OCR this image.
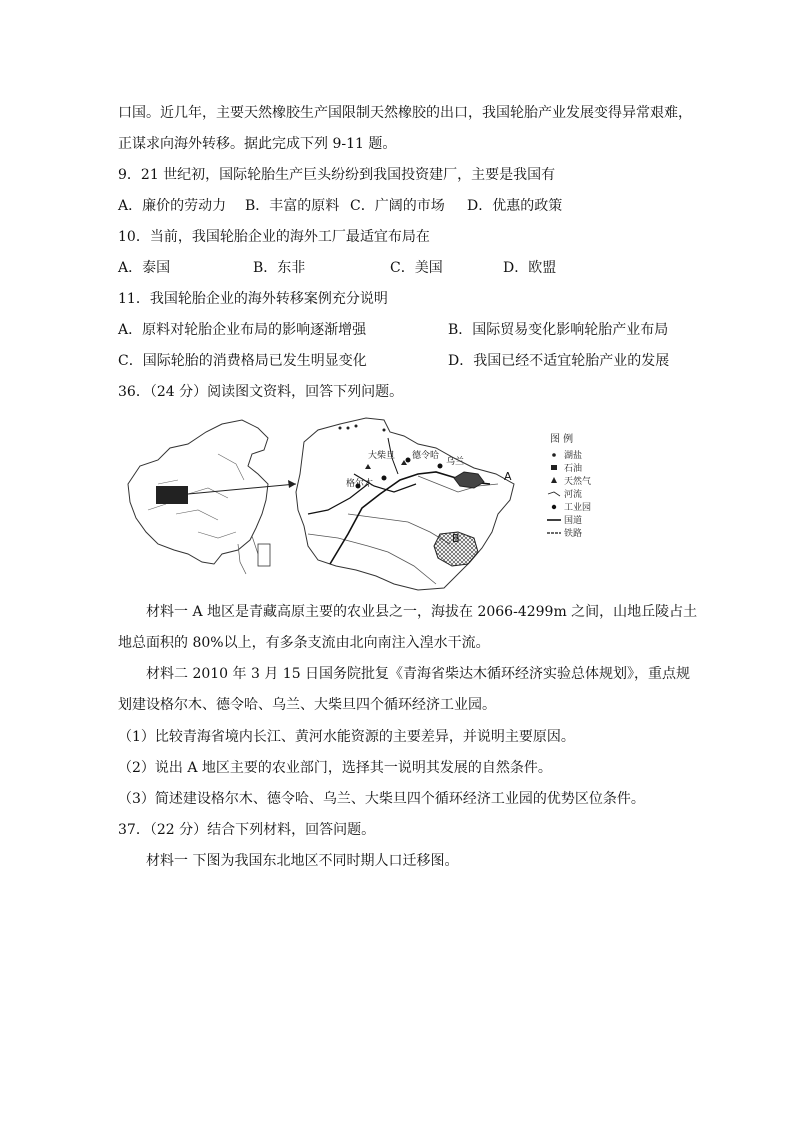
口国。近几年，主要天然橡胶生产国限制天然橡胶的出口，我国轮胎产业发展变得异常艰难，
正谋求向海外转移。据此完成下列 9-11 题。
9．21 世纪初，国际轮胎生产巨头纷纷到我国投资建厂，主要是我国有
A．廉价的劳动力 B．丰富的原料 C．广阔的市场 D．优惠的政策
10．当前，我国轮胎企业的海外工厂最适宜布局在
A．泰国	B．东非	C．美国	D．欧盟
11．我国轮胎企业的海外转移案例充分说明
A．原料对轮胎企业布局的影响逐渐增强	B．国际贸易变化影响轮胎产业布局
C．国际轮胎的消费格局已发生明显变化	D．我国已经不适宜轮胎产业的发展
36．（24 分）阅读图文资料，回答下列问题。
大柴旦 德令哈
乌兰
格尔木
A
B
图 例
湖盐
石油
天然气
河流
工业园
国道
铁路
材料一 A 地区是青藏高原主要的农业县之一，海拔在 2066-4299m 之间，山地丘陵占土
地总面积的 80%以上，有多条支流由北向南注入湟水干流。
材料二 2010 年 3 月 15 日国务院批复《青海省柴达木循环经济实验总体规划》，重点规
划建设格尔木、德令哈、乌兰、大柴旦四个循环经济工业园。
（1）比较青海省境内长江、黄河水能资源的主要差异，并说明主要原因。
（2）说出 A 地区主要的农业部门，选择其一说明其发展的自然条件。
（3）简述建设格尔木、德令哈、乌兰、大柴旦四个循环经济工业园的优势区位条件。
37．（22 分）结合下列材料，回答问题。
材料一 下图为我国东北地区不同时期人口迁移图。
